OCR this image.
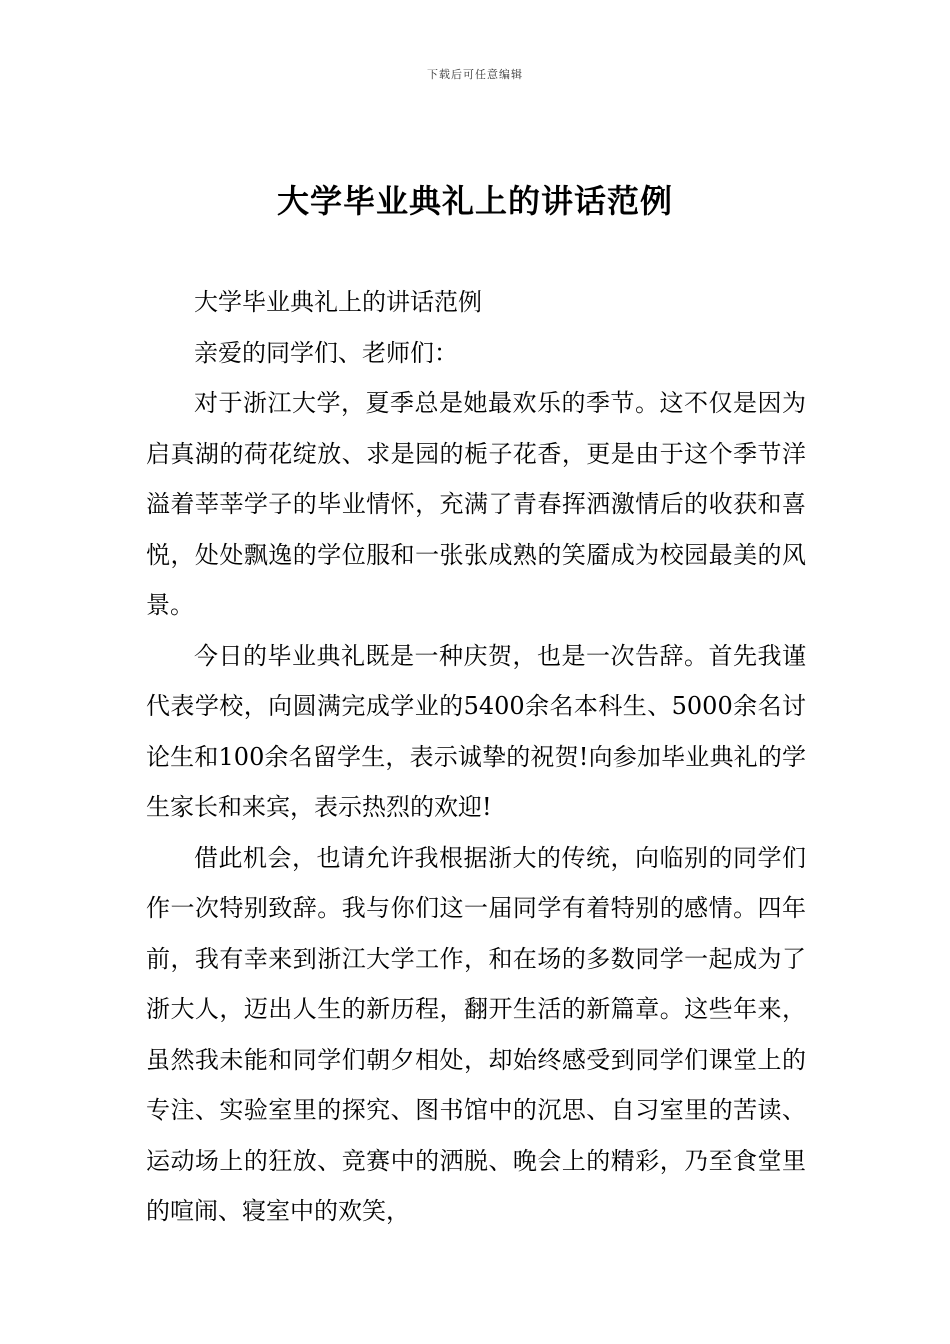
下载后可任意编辑
大学毕业典礼上的讲话范例

大学毕业典礼上的讲话范例

亲爱的同学们、老师们：

对于浙江大学，夏季总是她最欢乐的季节。这不仅是因为启真湖的荷花绽放、求是园的栀子花香，更是由于这个季节洋溢着莘莘学子的毕业情怀，充满了青春挥洒激情后的收获和喜悦，处处飘逸的学位服和一张张成熟的笑靥成为校园最美的风景。

今日的毕业典礼既是一种庆贺，也是一次告辞。首先我谨代表学校，向圆满完成学业的5400余名本科生、5000余名讨论生和100余名留学生，表示诚挚的祝贺!向参加毕业典礼的学生家长和来宾，表示热烈的欢迎!

借此机会，也请允许我根据浙大的传统，向临别的同学们作一次特别致辞。我与你们这一届同学有着特别的感情。四年前，我有幸来到浙江大学工作，和在场的多数同学一起成为了浙大人，迈出人生的新历程，翻开生活的新篇章。这些年来，虽然我未能和同学们朝夕相处，却始终感受到同学们课堂上的专注、实验室里的探究、图书馆中的沉思、自习室里的苦读、运动场上的狂放、竞赛中的洒脱、晚会上的精彩，乃至食堂里的喧闹、寝室中的欢笑，
